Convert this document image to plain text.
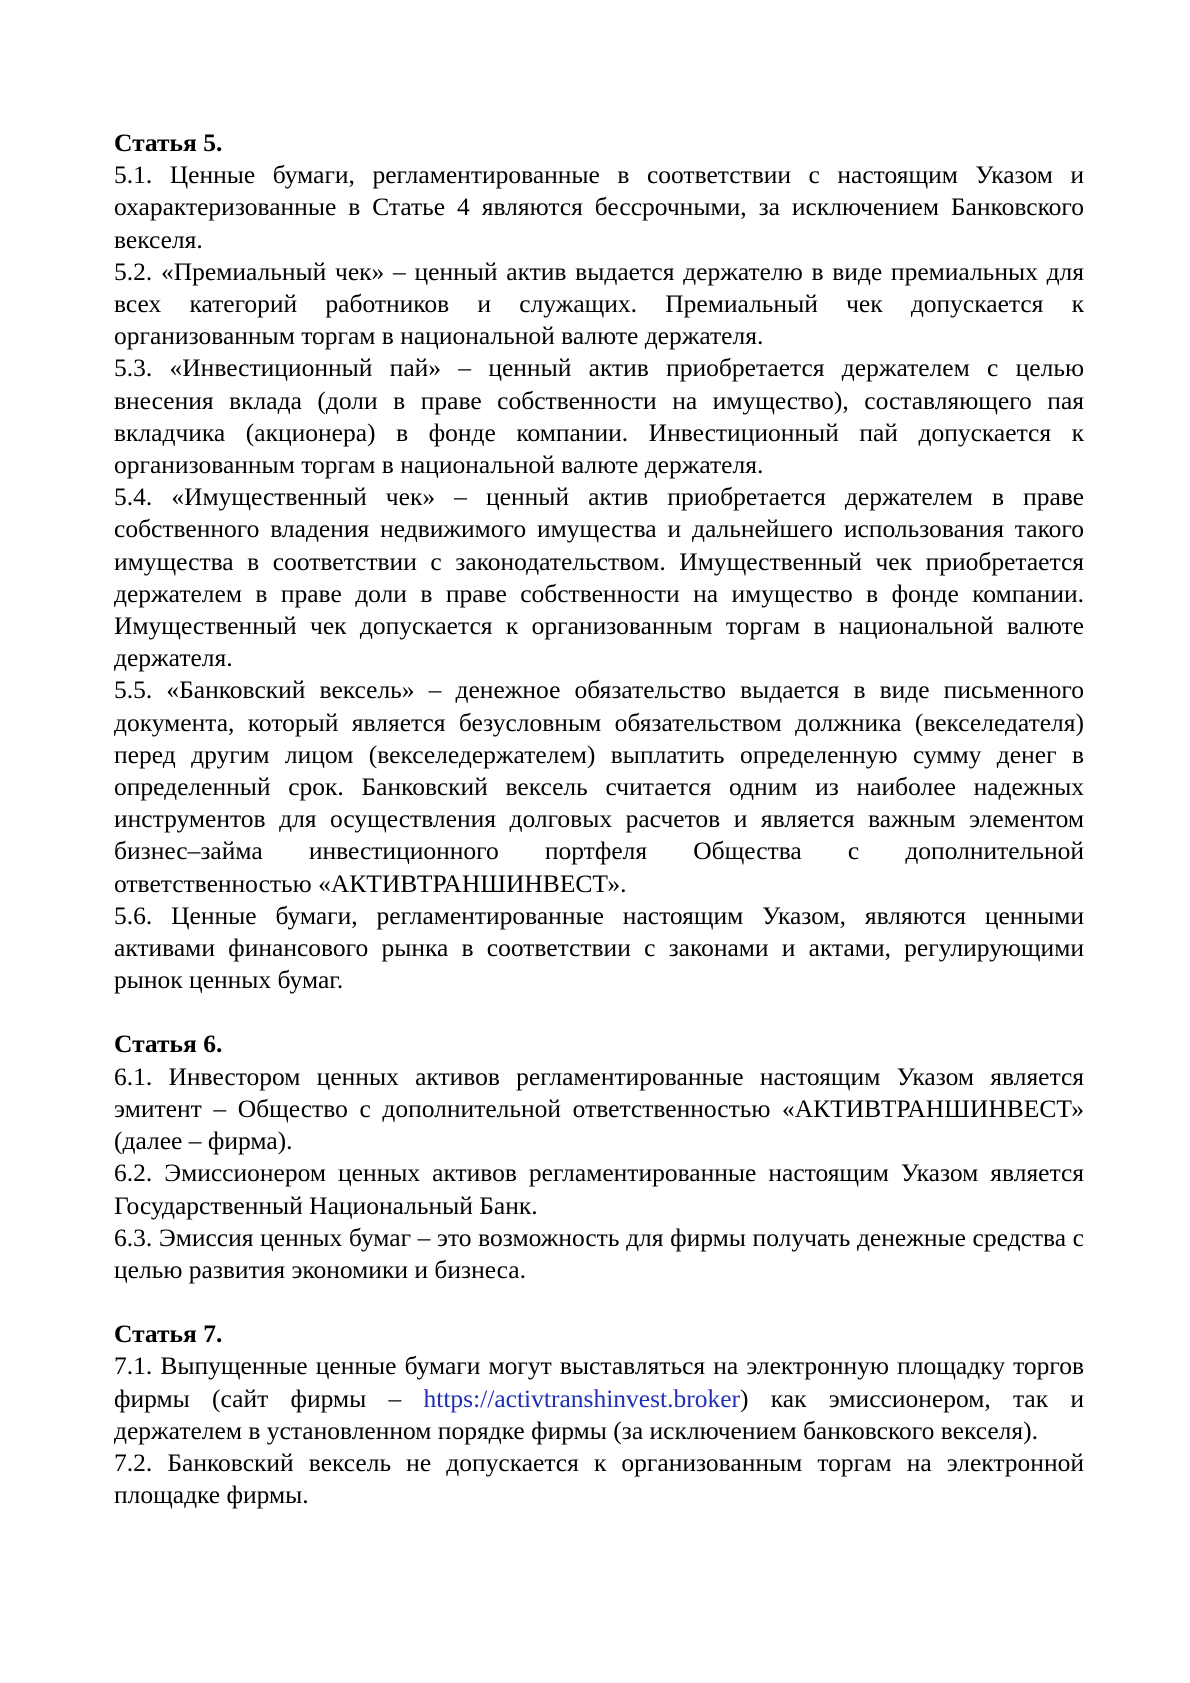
Статья 5.

5.1. Ценные бумаги, регламентированные в соответствии с настоящим Указом и охарактеризованные в Статье 4 являются бессрочными, за исключением Банковского векселя.

5.2. «Премиальный чек» – ценный актив выдается держателю в виде премиальных для всех категорий работников и служащих. Премиальный чек допускается к организованным торгам в национальной валюте держателя.

5.3. «Инвестиционный пай» – ценный актив приобретается держателем с целью внесения вклада (доли в праве собственности на имущество), составляющего пая вкладчика (акционера) в фонде компании. Инвестиционный пай допускается к организованным торгам в национальной валюте держателя.

5.4. «Имущественный чек» – ценный актив приобретается держателем в праве собственного владения недвижимого имущества и дальнейшего использования такого имущества в соответствии с законодательством. Имущественный чек приобретается держателем в праве доли в праве собственности на имущество в фонде компании. Имущественный чек допускается к организованным торгам в национальной валюте держателя.

5.5. «Банковский вексель» – денежное обязательство выдается в виде письменного документа, который является безусловным обязательством должника (векселедателя) перед другим лицом (векселедержателем) выплатить определенную сумму денег в определенный срок. Банковский вексель считается одним из наиболее надежных инструментов для осуществления долговых расчетов и является важным элементом бизнес–займа инвестиционного портфеля Общества с дополнительной ответственностью «АКТИВТРАНШИНВЕСТ».

5.6. Ценные бумаги, регламентированные настоящим Указом, являются ценными активами финансового рынка в соответствии с законами и актами, регулирующими рынок ценных бумаг.

Статья 6.

6.1. Инвестором ценных активов регламентированные настоящим Указом является эмитент – Общество с дополнительной ответственностью «АКТИВТРАНШИНВЕСТ» (далее – фирма).

6.2. Эмиссионером ценных активов регламентированные настоящим Указом является Государственный Национальный Банк.

6.3. Эмиссия ценных бумаг – это возможность для фирмы получать денежные средства с целью развития экономики и бизнеса.

Статья 7.

7.1. Выпущенные ценные бумаги могут выставляться на электронную площадку торгов фирмы (сайт фирмы – https://activtranshinvest.broker) как эмиссионером, так и держателем в установленном порядке фирмы (за исключением банковского векселя).

7.2. Банковский вексель не допускается к организованным торгам на электронной площадке фирмы.
